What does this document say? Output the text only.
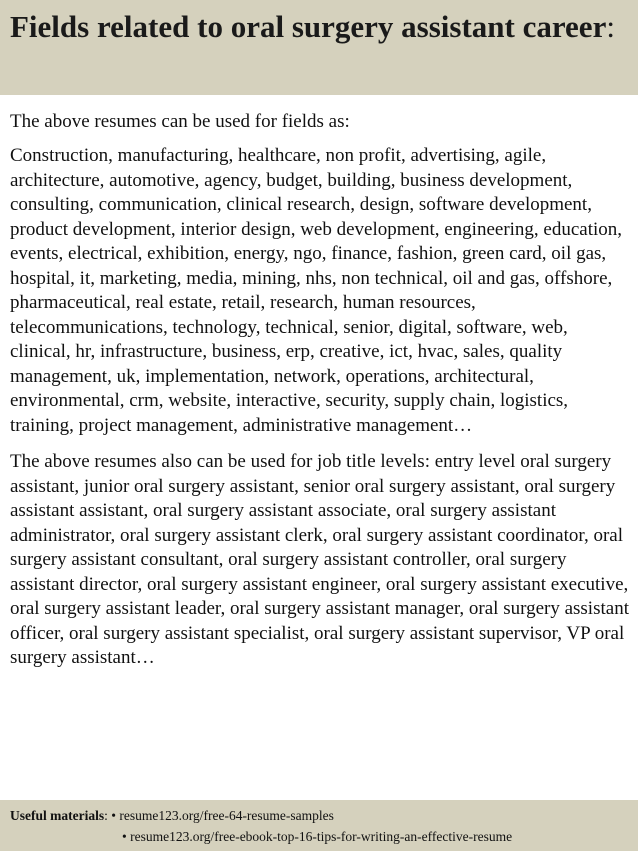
Fields related to oral surgery assistant career:

The above resumes can be used for fields as:

Construction, manufacturing, healthcare, non profit, advertising, agile, architecture, automotive, agency, budget, building, business development, consulting, communication, clinical research, design, software development, product development, interior design, web development, engineering, education, events, electrical, exhibition, energy, ngo, finance, fashion, green card, oil gas, hospital, it, marketing, media, mining, nhs, non technical, oil and gas, offshore, pharmaceutical, real estate, retail, research, human resources, telecommunications, technology, technical, senior, digital, software, web, clinical, hr, infrastructure, business, erp, creative, ict, hvac, sales, quality management, uk, implementation, network, operations, architectural, environmental, crm, website, interactive, security, supply chain, logistics, training, project management, administrative management…

The above resumes also can be used for job title levels: entry level oral surgery assistant, junior oral surgery assistant, senior oral surgery assistant, oral surgery assistant assistant, oral surgery assistant associate, oral surgery assistant administrator, oral surgery assistant clerk, oral surgery assistant coordinator, oral surgery assistant consultant, oral surgery assistant controller, oral surgery assistant director, oral surgery assistant engineer, oral surgery assistant executive, oral surgery assistant leader, oral surgery assistant manager, oral surgery assistant officer, oral surgery assistant specialist, oral surgery assistant supervisor, VP oral surgery assistant…

Useful materials: • resume123.org/free-64-resume-samples
• resume123.org/free-ebook-top-16-tips-for-writing-an-effective-resume
